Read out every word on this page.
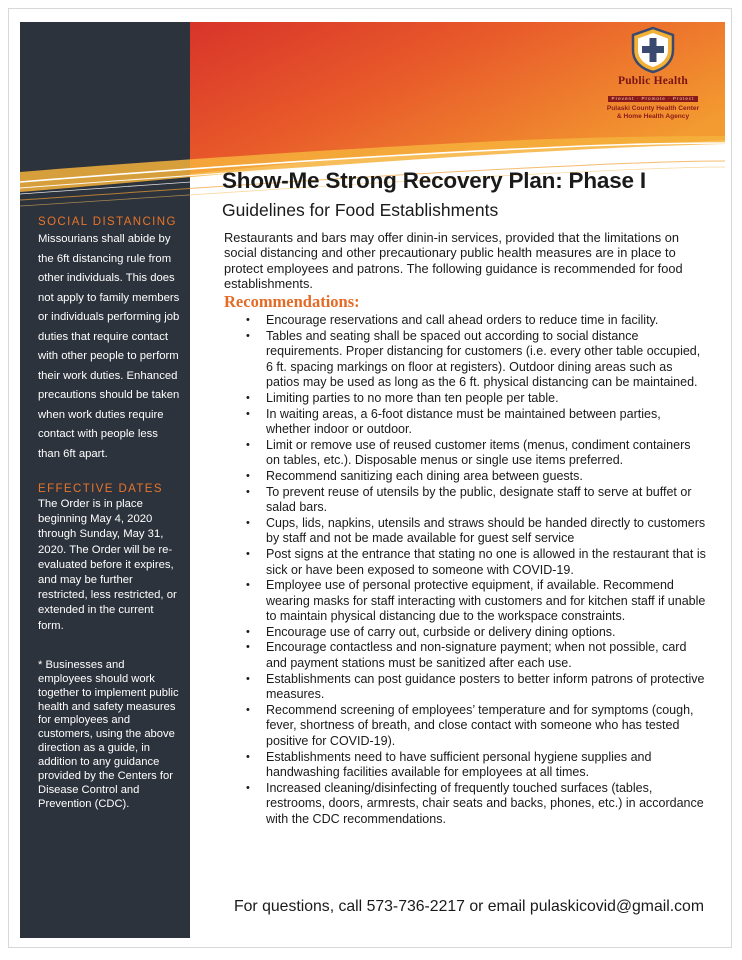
Public Health
Prevent · Promote · Protect
Pulaski County Health Center
& Home Health Agency

SOCIAL DISTANCING

Missourians shall abide by the 6ft distancing rule from other individuals. This does not apply to family members or individuals performing job duties that require contact with other people to perform their work duties. Enhanced precautions should be taken when work duties require contact with people less than 6ft apart.

EFFECTIVE DATES

The Order is in place beginning May 4, 2020 through Sunday, May 31, 2020. The Order will be re-evaluated before it expires, and may be further restricted, less restricted, or extended in the current form.

* Businesses and employees should work together to implement public health and safety measures for employees and customers, using the above direction as a guide, in addition to any guidance provided by the Centers for Disease Control and Prevention (CDC).

Show-Me Strong Recovery Plan: Phase I
Guidelines for Food Establishments

Restaurants and bars may offer dinin-in services, provided that the limitations on social distancing and other precautionary public health measures are in place to protect employees and patrons. The following guidance is recommended for food establishments.

Recommendations:
• Encourage reservations and call ahead orders to reduce time in facility.
• Tables and seating shall be spaced out according to social distance requirements. Proper distancing for customers (i.e. every other table occupied, 6 ft. spacing markings on floor at registers). Outdoor dining areas such as patios may be used as long as the 6 ft. physical distancing can be maintained.
• Limiting parties to no more than ten people per table.
• In waiting areas, a 6-foot distance must be maintained between parties, whether indoor or outdoor.
• Limit or remove use of reused customer items (menus, condiment containers on tables, etc.). Disposable menus or single use items preferred.
• Recommend sanitizing each dining area between guests.
• To prevent reuse of utensils by the public, designate staff to serve at buffet or salad bars.
• Cups, lids, napkins, utensils and straws should be handed directly to customers by staff and not be made available for guest self service
• Post signs at the entrance that stating no one is allowed in the restaurant that is sick or have been exposed to someone with COVID-19.
• Employee use of personal protective equipment, if available. Recommend wearing masks for staff interacting with customers and for kitchen staff if unable to maintain physical distancing due to the workspace constraints.
• Encourage use of carry out, curbside or delivery dining options.
• Encourage contactless and non-signature payment; when not possible, card and payment stations must be sanitized after each use.
• Establishments can post guidance posters to better inform patrons of protective measures.
• Recommend screening of employees’ temperature and for symptoms (cough, fever, shortness of breath, and close contact with someone who has tested positive for COVID-19).
• Establishments need to have sufficient personal hygiene supplies and handwashing facilities available for employees at all times.
• Increased cleaning/disinfecting of frequently touched surfaces (tables, restrooms, doors, armrests, chair seats and backs, phones, etc.) in accordance with the CDC recommendations.

For questions, call 573-736-2217 or email pulaskicovid@gmail.com
